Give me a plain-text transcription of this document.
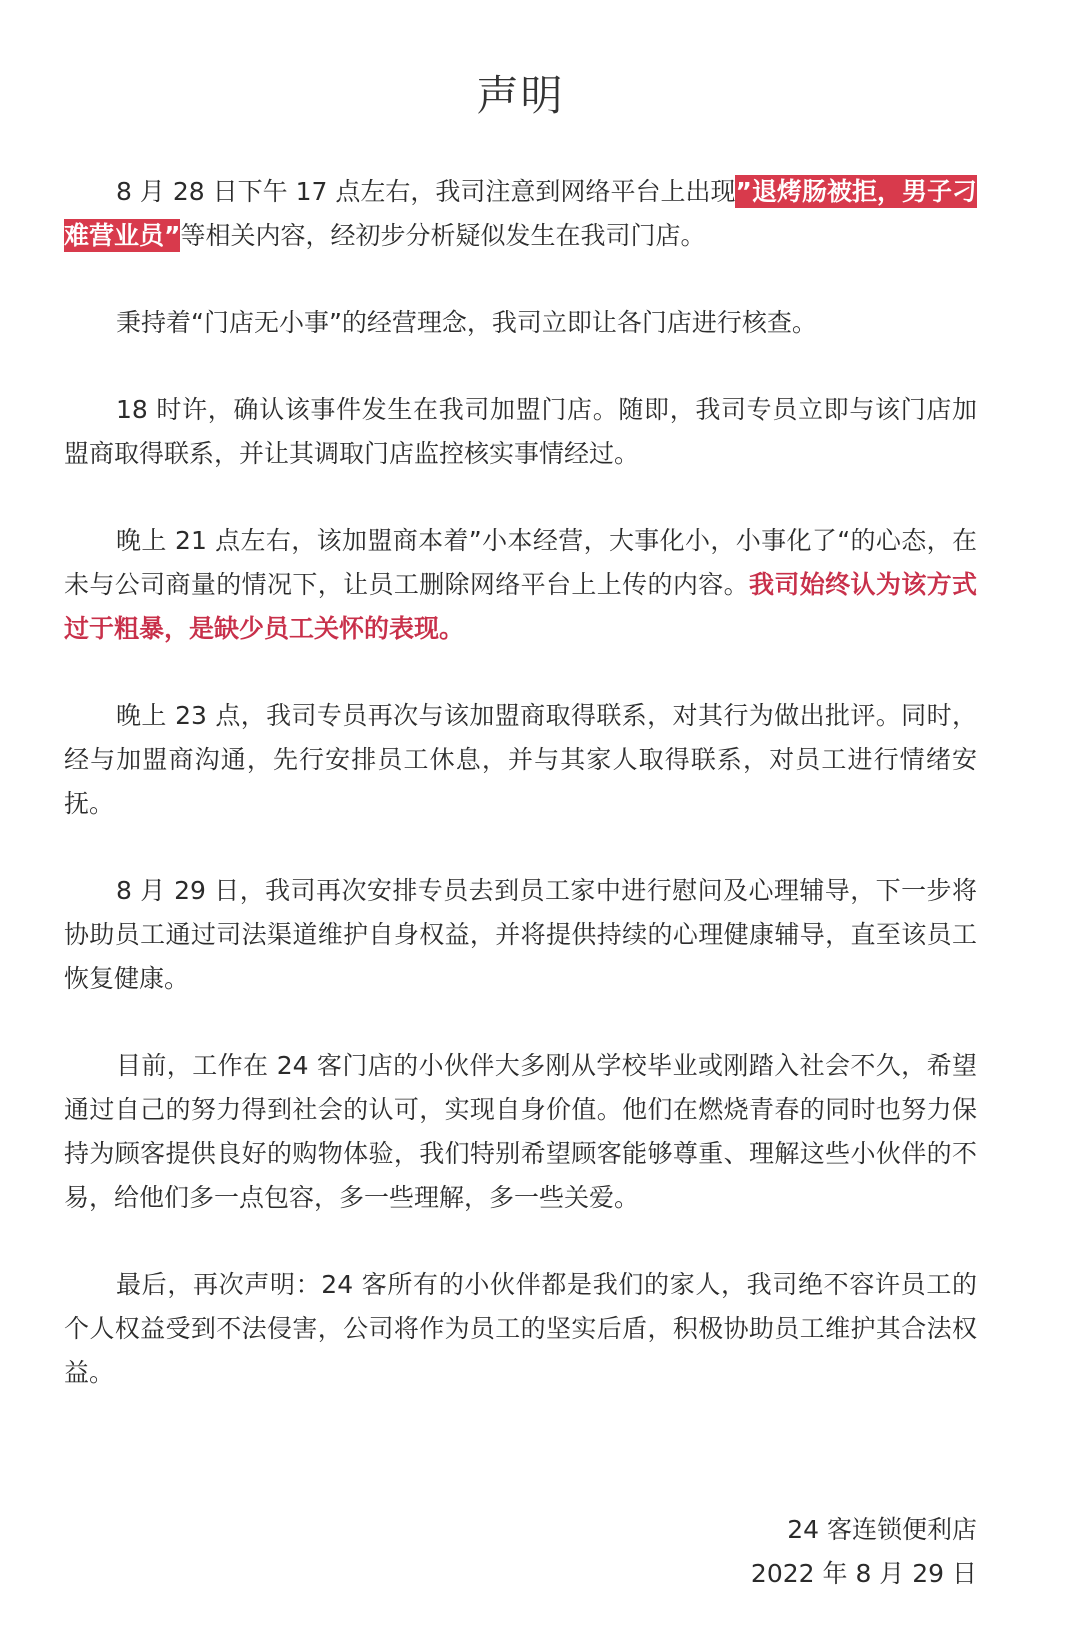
声明

8 月 28 日下午 17 点左右，我司注意到网络平台上出现”退烤肠被拒，男子刁难营业员”等相关内容，经初步分析疑似发生在我司门店。

秉持着“门店无小事”的经营理念，我司立即让各门店进行核查。

18 时许，确认该事件发生在我司加盟门店。随即，我司专员立即与该门店加盟商取得联系，并让其调取门店监控核实事情经过。

晚上 21 点左右，该加盟商本着”小本经营，大事化小，小事化了“的心态，在未与公司商量的情况下，让员工删除网络平台上上传的内容。我司始终认为该方式过于粗暴，是缺少员工关怀的表现。

晚上 23 点，我司专员再次与该加盟商取得联系，对其行为做出批评。同时，经与加盟商沟通，先行安排员工休息，并与其家人取得联系，对员工进行情绪安抚。

8 月 29 日，我司再次安排专员去到员工家中进行慰问及心理辅导，下一步将协助员工通过司法渠道维护自身权益，并将提供持续的心理健康辅导，直至该员工恢复健康。

目前，工作在 24 客门店的小伙伴大多刚从学校毕业或刚踏入社会不久，希望通过自己的努力得到社会的认可，实现自身价值。他们在燃烧青春的同时也努力保持为顾客提供良好的购物体验，我们特别希望顾客能够尊重、理解这些小伙伴的不易，给他们多一点包容，多一些理解，多一些关爱。

最后，再次声明：24 客所有的小伙伴都是我们的家人，我司绝不容许员工的个人权益受到不法侵害，公司将作为员工的坚实后盾，积极协助员工维护其合法权益。

24 客连锁便利店
2022 年 8 月 29 日
